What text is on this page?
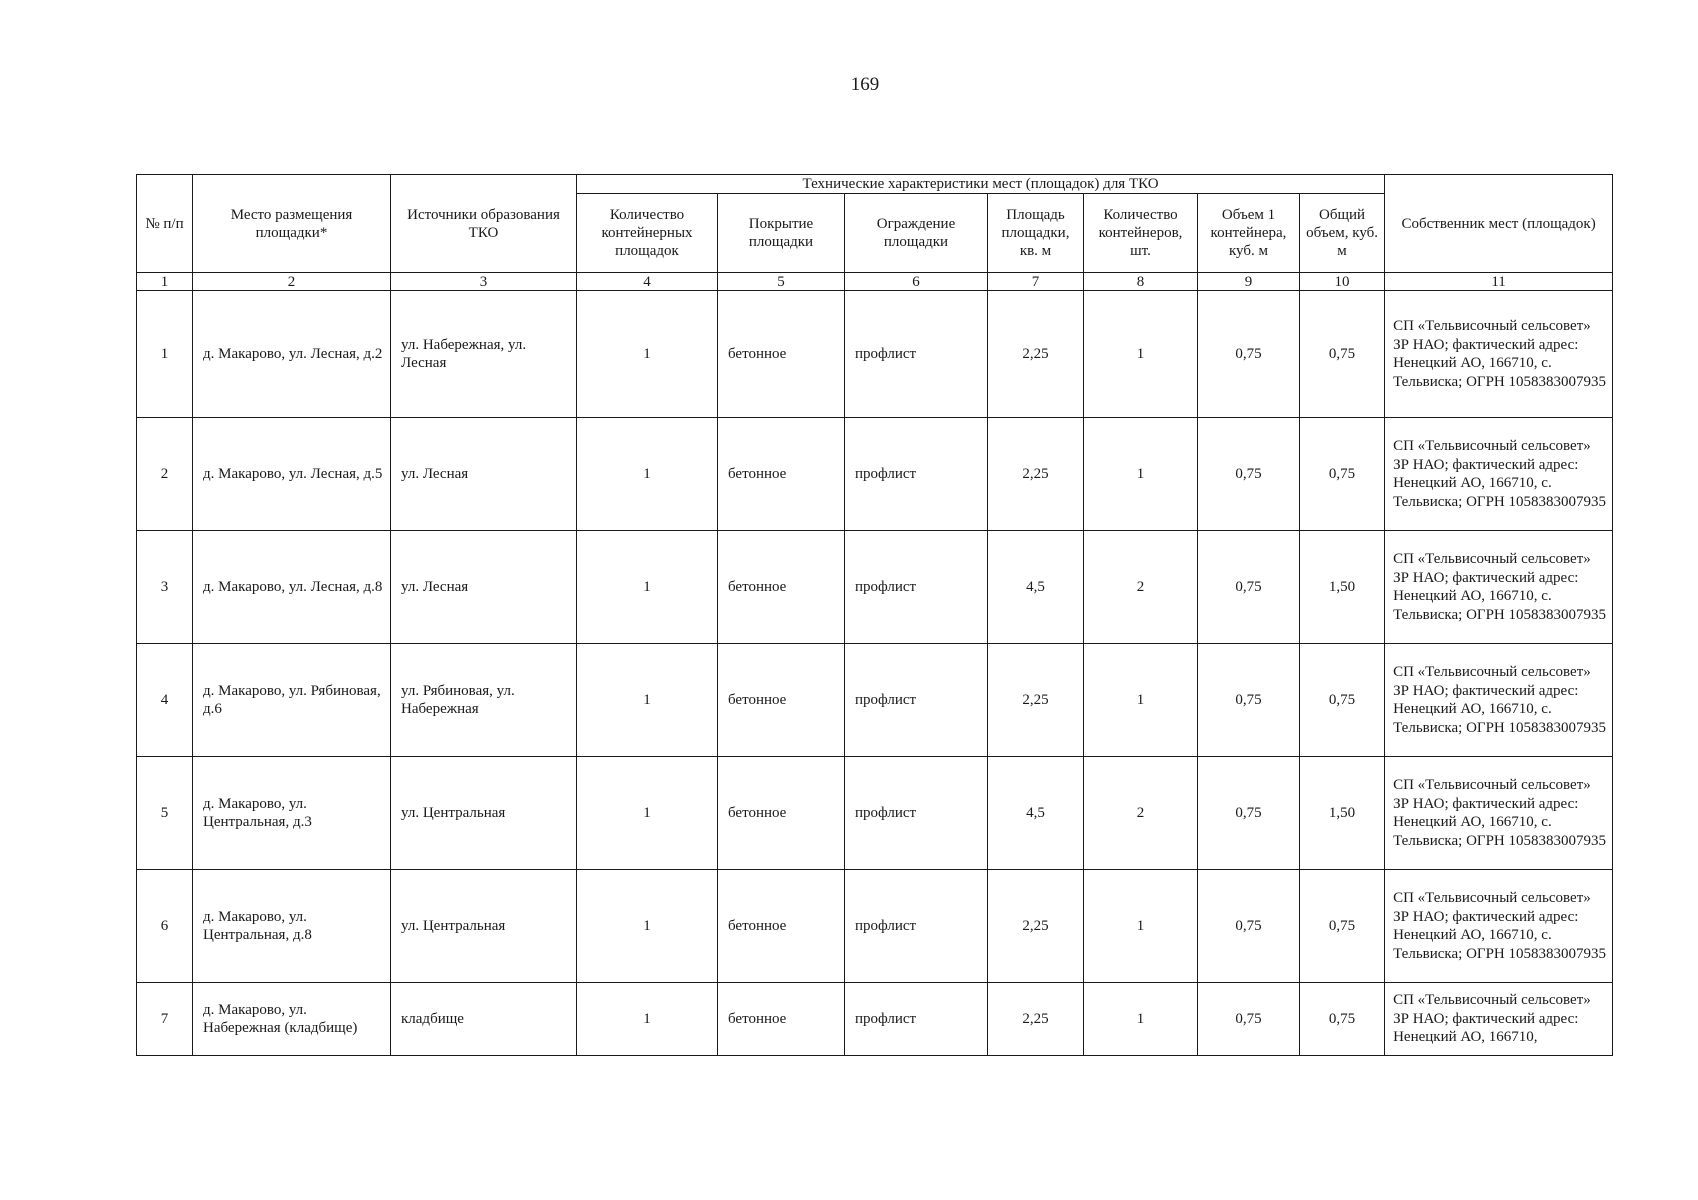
169
№ п/п	Место размещения площадки*	Источники образования ТКО	Технические характеристики мест (площадок) для ТКО							Собственник мест (площадок)
			Количество контейнерных площадок	Покрытие площадки	Ограждение площадки	Площадь площадки, кв. м	Количество контейнеров, шт.	Объем 1 контейнера, куб. м	Общий объем, куб. м	
1	2	3	4	5	6	7	8	9	10	11
1	д. Макарово, ул. Лесная, д.2	ул. Набережная, ул. Лесная	1	бетонное	профлист	2,25	1	0,75	0,75	СП «Тельвисочный сельсовет» ЗР НАО; фактический адрес: Ненецкий АО, 166710, с. Тельвиска; ОГРН 1058383007935
2	д. Макарово, ул. Лесная, д.5	ул. Лесная	1	бетонное	профлист	2,25	1	0,75	0,75	СП «Тельвисочный сельсовет» ЗР НАО; фактический адрес: Ненецкий АО, 166710, с. Тельвиска; ОГРН 1058383007935
3	д. Макарово, ул. Лесная, д.8	ул. Лесная	1	бетонное	профлист	4,5	2	0,75	1,50	СП «Тельвисочный сельсовет» ЗР НАО; фактический адрес: Ненецкий АО, 166710, с. Тельвиска; ОГРН 1058383007935
4	д. Макарово, ул. Рябиновая, д.6	ул. Рябиновая, ул. Набережная	1	бетонное	профлист	2,25	1	0,75	0,75	СП «Тельвисочный сельсовет» ЗР НАО; фактический адрес: Ненецкий АО, 166710, с. Тельвиска; ОГРН 1058383007935
5	д. Макарово, ул. Центральная, д.3	ул. Центральная	1	бетонное	профлист	4,5	2	0,75	1,50	СП «Тельвисочный сельсовет» ЗР НАО; фактический адрес: Ненецкий АО, 166710, с. Тельвиска; ОГРН 1058383007935
6	д. Макарово, ул. Центральная, д.8	ул. Центральная	1	бетонное	профлист	2,25	1	0,75	0,75	СП «Тельвисочный сельсовет» ЗР НАО; фактический адрес: Ненецкий АО, 166710, с. Тельвиска; ОГРН 1058383007935
7	д. Макарово, ул. Набережная (кладбище)	кладбище	1	бетонное	профлист	2,25	1	0,75	0,75	СП «Тельвисочный сельсовет» ЗР НАО; фактический адрес: Ненецкий АО, 166710,
